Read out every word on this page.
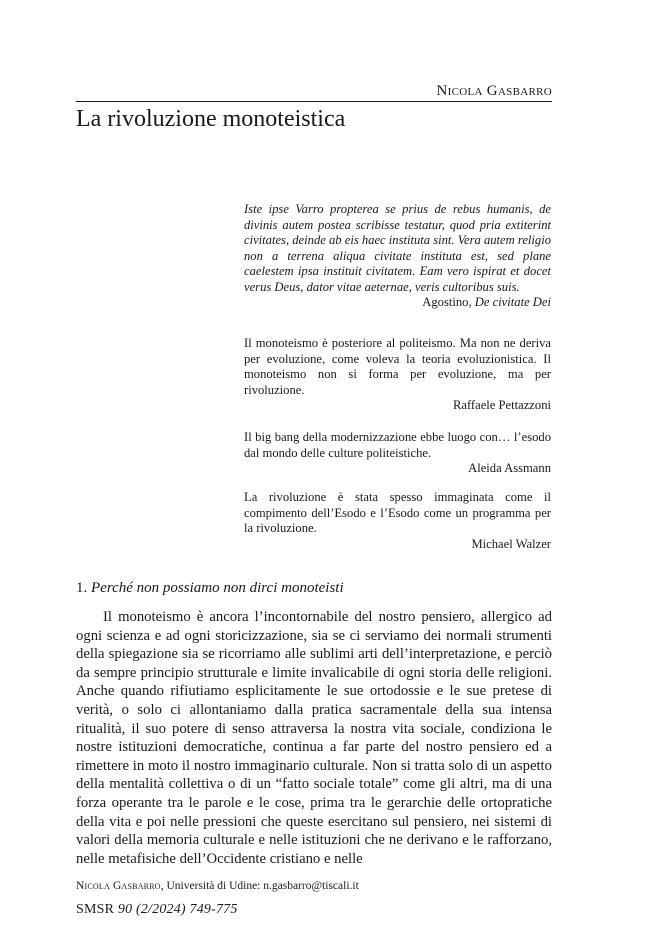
Nicola Gasbarro
La rivoluzione monoteistica

Iste ipse Varro propterea se prius de rebus humanis, de divinis autem postea scribisse testatur, quod pria extiterint civitates, deinde ab eis haec instituta sint. Vera autem religio non a terrena aliqua civitate instituta est, sed plane caelestem ipsa instituit civitatem. Eam vero ispirat et docet verus Deus, dator vitae aeternae, veris cultoribus suis.

Agostino, De civitate Dei

Il monoteismo è posteriore al politeismo. Ma non ne deriva per evoluzione, come voleva la teoria evoluzionistica. Il monoteismo non si forma per evoluzione, ma per rivoluzione.

Raffaele Pettazzoni

Il big bang della modernizzazione ebbe luogo con… l’esodo dal mondo delle culture politeistiche.

Aleida Assmann

La rivoluzione è stata spesso immaginata come il compimento dell’Esodo e l’Esodo come un programma per la rivoluzione.

Michael Walzer

1. Perché non possiamo non dirci monoteisti

Il monoteismo è ancora l’incontornabile del nostro pensiero, allergico ad ogni scienza e ad ogni storicizzazione, sia se ci serviamo dei normali strumenti della spiegazione sia se ricorriamo alle sublimi arti dell’interpretazione, e perciò da sempre principio strutturale e limite invalicabile di ogni storia delle religioni. Anche quando rifiutiamo esplicitamente le sue ortodossie e le sue pretese di verità, o solo ci allontaniamo dalla pratica sacramentale della sua intensa ritualità, il suo potere di senso attraversa la nostra vita sociale, condiziona le nostre istituzioni democratiche, continua a far parte del nostro pensiero ed a rimettere in moto il nostro immaginario culturale. Non si tratta solo di un aspetto della mentalità collettiva o di un “fatto sociale totale” come gli altri, ma di una forza operante tra le parole e le cose, prima tra le gerarchie delle ortopratiche della vita e poi nelle pressioni che queste esercitano sul pensiero, nei sistemi di valori della memoria culturale e nelle istituzioni che ne derivano e le rafforzano, nelle metafisiche dell’Occidente cristiano e nelle

Nicola Gasbarro, Università di Udine: n.gasbarro@tiscali.it
SMSR 90 (2/2024) 749-775
